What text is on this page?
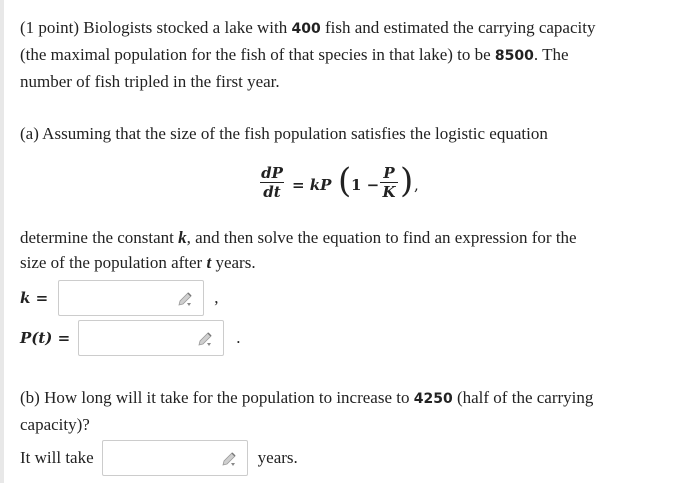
(1 point) Biologists stocked a lake with 400 fish and estimated the carrying capacity
(the maximal population for the fish of that species in that lake) to be 8500. The
number of fish tripled in the first year.

(a) Assuming that the size of the fish population satisfies the logistic equation

dP
dt = kP ( 1 −
P
K ) ,

determine the constant k, and then solve the equation to find an expression for the
size of the population after t years.

k =	,
P(t) =	.

(b) How long will it take for the population to increase to 4250 (half of the carrying
capacity)?

It will take	years.
